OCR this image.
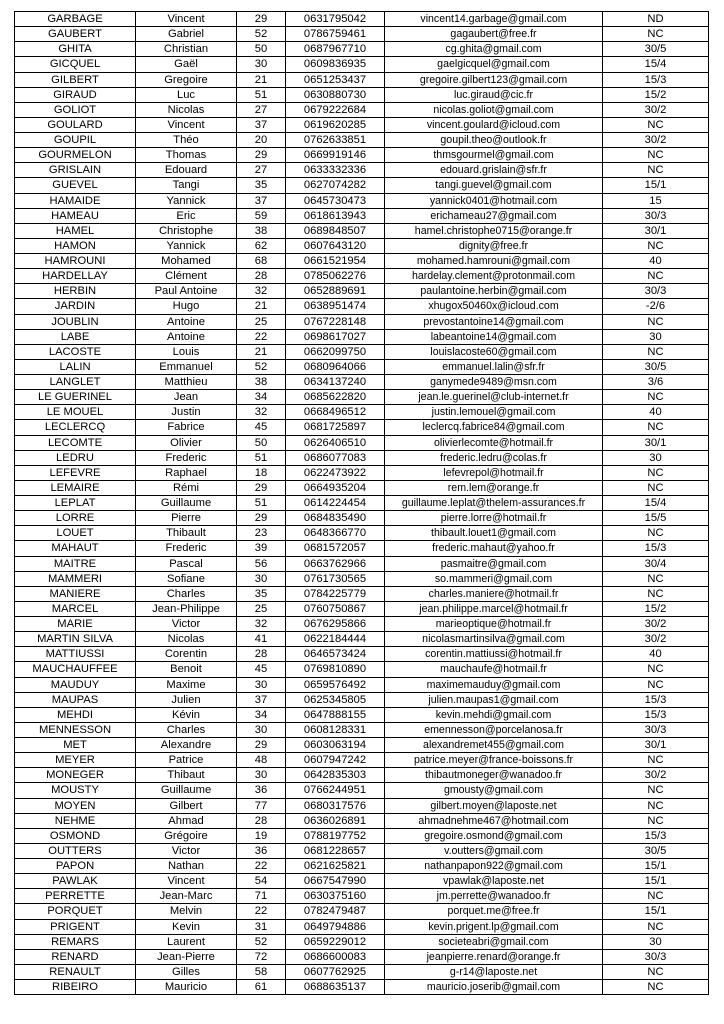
GARBAGE	Vincent	29	0631795042	vincent14.garbage@gmail.com	ND
GAUBERT	Gabriel	52	0786759461	gagaubert@free.fr	NC
GHITA	Christian	50	0687967710	cg.ghita@gmail.com	30/5
GICQUEL	Gaël	30	0609836935	gaelgicquel@gmail.com	15/4
GILBERT	Gregoire	21	0651253437	gregoire.gilbert123@gmail.com	15/3
GIRAUD	Luc	51	0630880730	luc.giraud@cic.fr	15/2
GOLIOT	Nicolas	27	0679222684	nicolas.goliot@gmail.com	30/2
GOULARD	Vincent	37	0619620285	vincent.goulard@icloud.com	NC
GOUPIL	Théo	20	0762633851	goupil.theo@outlook.fr	30/2
GOURMELON	Thomas	29	0669919146	thmsgourmel@gmail.com	NC
GRISLAIN	Edouard	27	0633332336	edouard.grislain@sfr.fr	NC
GUEVEL	Tangi	35	0627074282	tangi.guevel@gmail.com	15/1
HAMAIDE	Yannick	37	0645730473	yannick0401@hotmail.com	15
HAMEAU	Eric	59	0618613943	erichameau27@gmail.com	30/3
HAMEL	Christophe	38	0689848507	hamel.christophe0715@orange.fr	30/1
HAMON	Yannick	62	0607643120	dignity@free.fr	NC
HAMROUNI	Mohamed	68	0661521954	mohamed.hamrouni@gmail.com	40
HARDELLAY	Clément	28	0785062276	hardelay.clement@protonmail.com	NC
HERBIN	Paul Antoine	32	0652889691	paulantoine.herbin@gmail.com	30/3
JARDIN	Hugo	21	0638951474	xhugox50460x@icloud.com	-2/6
JOUBLIN	Antoine	25	0767228148	prevostantoine14@gmail.com	NC
LABE	Antoine	22	0698617027	labeantoine14@gmail.com	30
LACOSTE	Louis	21	0662099750	louislacoste60@gmail.com	NC
LALIN	Emmanuel	52	0680964066	emmanuel.lalin@sfr.fr	30/5
LANGLET	Matthieu	38	0634137240	ganymede9489@msn.com	3/6
LE GUERINEL	Jean	34	0685622820	jean.le.guerinel@club-internet.fr	NC
LE MOUEL	Justin	32	0668496512	justin.lemouel@gmail.com	40
LECLERCQ	Fabrice	45	0681725897	leclercq.fabrice84@gmail.com	NC
LECOMTE	Olivier	50	0626406510	olivierlecomte@hotmail.fr	30/1
LEDRU	Frederic	51	0686077083	frederic.ledru@colas.fr	30
LEFEVRE	Raphael	18	0622473922	lefevrepol@hotmail.fr	NC
LEMAIRE	Rémi	29	0664935204	rem.lem@orange.fr	NC
LEPLAT	Guillaume	51	0614224454	guillaume.leplat@thelem-assurances.fr	15/4
LORRE	Pierre	29	0684835490	pierre.lorre@hotmail.fr	15/5
LOUET	Thibault	23	0648366770	thibault.louet1@gmail.com	NC
MAHAUT	Frederic	39	0681572057	frederic.mahaut@yahoo.fr	15/3
MAITRE	Pascal	56	0663762966	pasmaitre@gmail.com	30/4
MAMMERI	Sofiane	30	0761730565	so.mammeri@gmail.com	NC
MANIERE	Charles	35	0784225779	charles.maniere@hotmail.fr	NC
MARCEL	Jean-Philippe	25	0760750867	jean.philippe.marcel@hotmail.fr	15/2
MARIE	Victor	32	0676295866	marieoptique@hotmail.fr	30/2
MARTIN SILVA	Nicolas	41	0622184444	nicolasmartinsilva@gmail.com	30/2
MATTIUSSI	Corentin	28	0646573424	corentin.mattiussi@hotmail.fr	40
MAUCHAUFFEE	Benoit	45	0769810890	mauchaufe@hotmail.fr	NC
MAUDUY	Maxime	30	0659576492	maximemauduy@gmail.com	NC
MAUPAS	Julien	37	0625345805	julien.maupas1@gmail.com	15/3
MEHDI	Kévin	34	0647888155	kevin.mehdi@gmail.com	15/3
MENNESSON	Charles	30	0608128331	emennesson@porcelanosa.fr	30/3
MET	Alexandre	29	0603063194	alexandremet455@gmail.com	30/1
MEYER	Patrice	48	0607947242	patrice.meyer@france-boissons.fr	NC
MONEGER	Thibaut	30	0642835303	thibautmoneger@wanadoo.fr	30/2
MOUSTY	Guillaume	36	0766244951	gmousty@gmail.com	NC
MOYEN	Gilbert	77	0680317576	gilbert.moyen@laposte.net	NC
NEHME	Ahmad	28	0636026891	ahmadnehme467@hotmail.com	NC
OSMOND	Grégoire	19	0788197752	gregoire.osmond@gmail.com	15/3
OUTTERS	Victor	36	0681228657	v.outters@gmail.com	30/5
PAPON	Nathan	22	0621625821	nathanpapon922@gmail.com	15/1
PAWLAK	Vincent	54	0667547990	vpawlak@laposte.net	15/1
PERRETTE	Jean-Marc	71	0630375160	jm.perrette@wanadoo.fr	NC
PORQUET	Melvin	22	0782479487	porquet.me@free.fr	15/1
PRIGENT	Kevin	31	0649794886	kevin.prigent.lp@gmail.com	NC
REMARS	Laurent	52	0659229012	societeabri@gmail.com	30
RENARD	Jean-Pierre	72	0686600083	jeanpierre.renard@orange.fr	30/3
RENAULT	Gilles	58	0607762925	g-r14@laposte.net	NC
RIBEIRO	Mauricio	61	0688635137	mauricio.joserib@gmail.com	NC
